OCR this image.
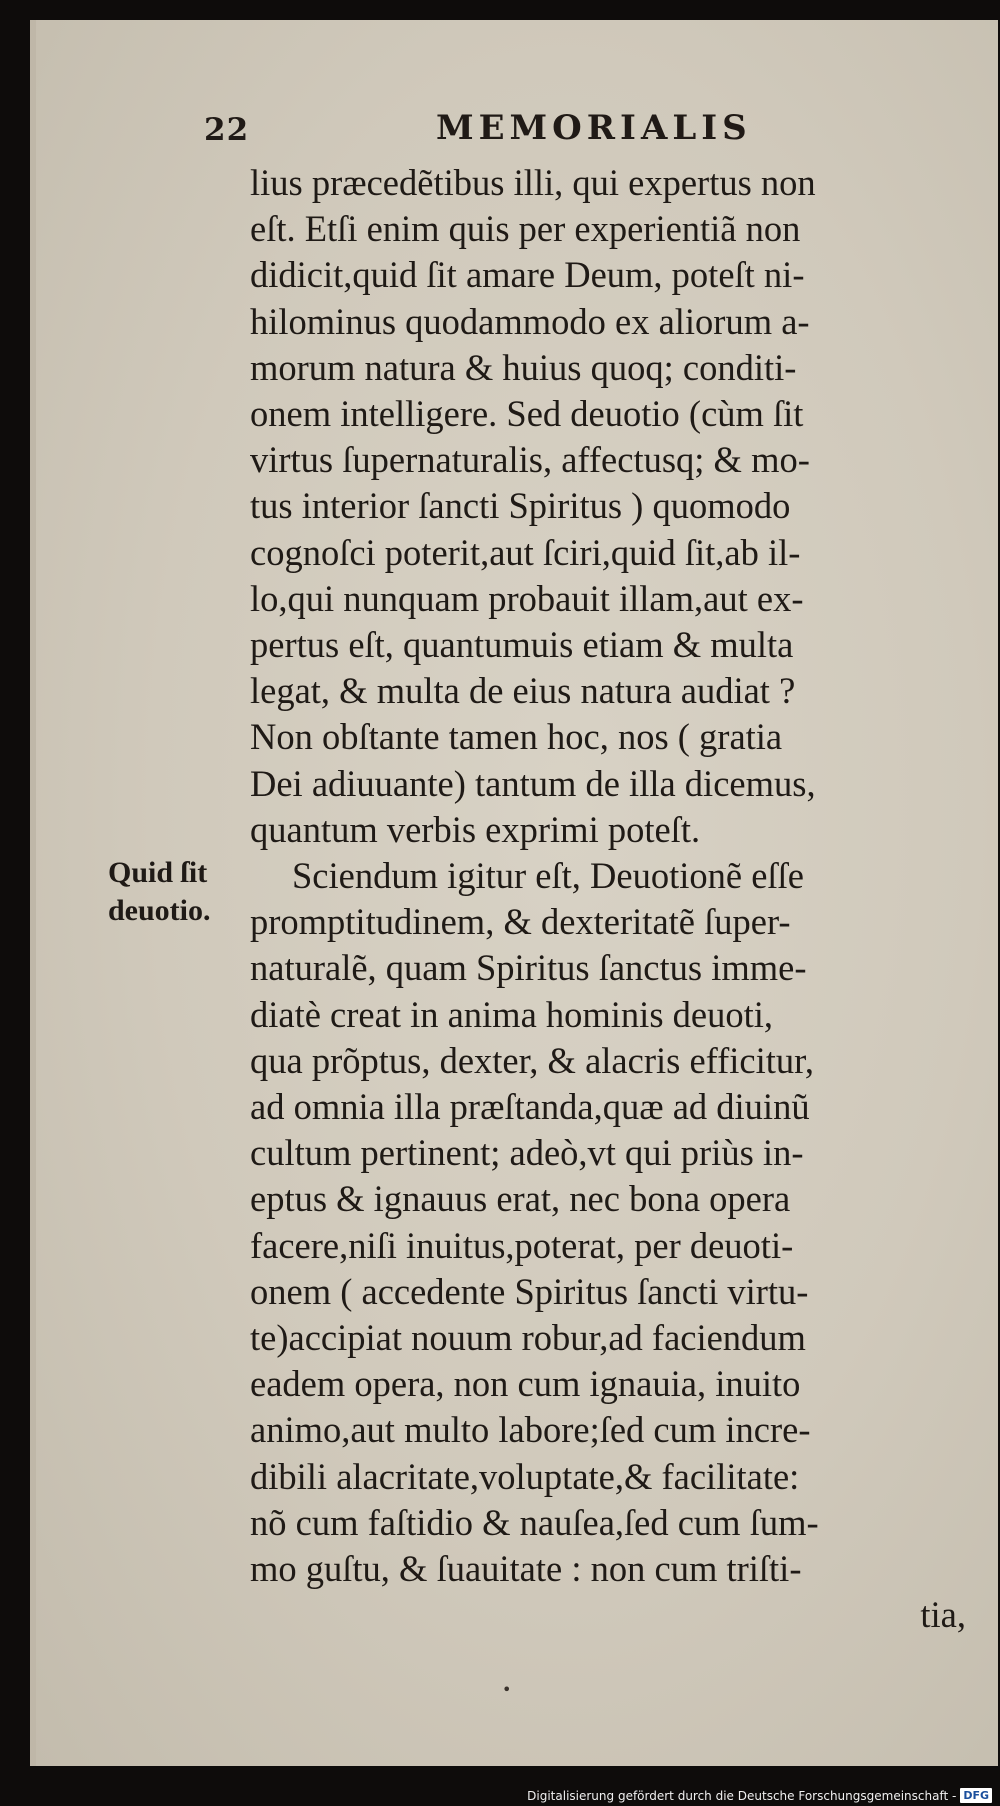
22	MEMORIALIS
Quid ſit
deuotio.
lius præcedẽtibus illi, qui expertus non
eſt. Etſi enim quis per experientiã non
didicit,quid ſit amare Deum, poteſt ni-
hilominus quodammodo ex aliorum a-
morum natura & huius quoq; conditi-
onem intelligere. Sed deuotio (cùm ſit
virtus ſupernaturalis, affectusq; & mo-
tus interior ſancti Spiritus ) quomodo
cognoſci poterit,aut ſciri,quid ſit,ab il-
lo,qui nunquam probauit illam,aut ex-
pertus eſt, quantumuis etiam & multa
legat, & multa de eius natura audiat ?
Non obſtante tamen hoc, nos ( gratia
Dei adiuuante) tantum de illa dicemus,
quantum verbis exprimi poteſt.
Sciendum igitur eſt, Deuotionẽ eſſe
promptitudinem, & dexteritatẽ ſuper-
naturalẽ, quam Spiritus ſanctus imme-
diatè creat in anima hominis deuoti,
qua prõptus, dexter, & alacris efficitur,
ad omnia illa præſtanda,quæ ad diuinũ
cultum pertinent; adeò,vt qui priùs in-
eptus & ignauus erat, nec bona opera
facere,niſi inuitus,poterat, per deuoti-
onem ( accedente Spiritus ſancti virtu-
te)accipiat nouum robur,ad faciendum
eadem opera, non cum ignauia, inuito
animo,aut multo labore;ſed cum incre-
dibili alacritate,voluptate,& facilitate:
nõ cum faſtidio & nauſea,ſed cum ſum-
mo guſtu, & ſuauitate : non cum triſti-
tia,
•
Digitalisierung gefördert durch die Deutsche Forschungsgemeinschaft - DFG
